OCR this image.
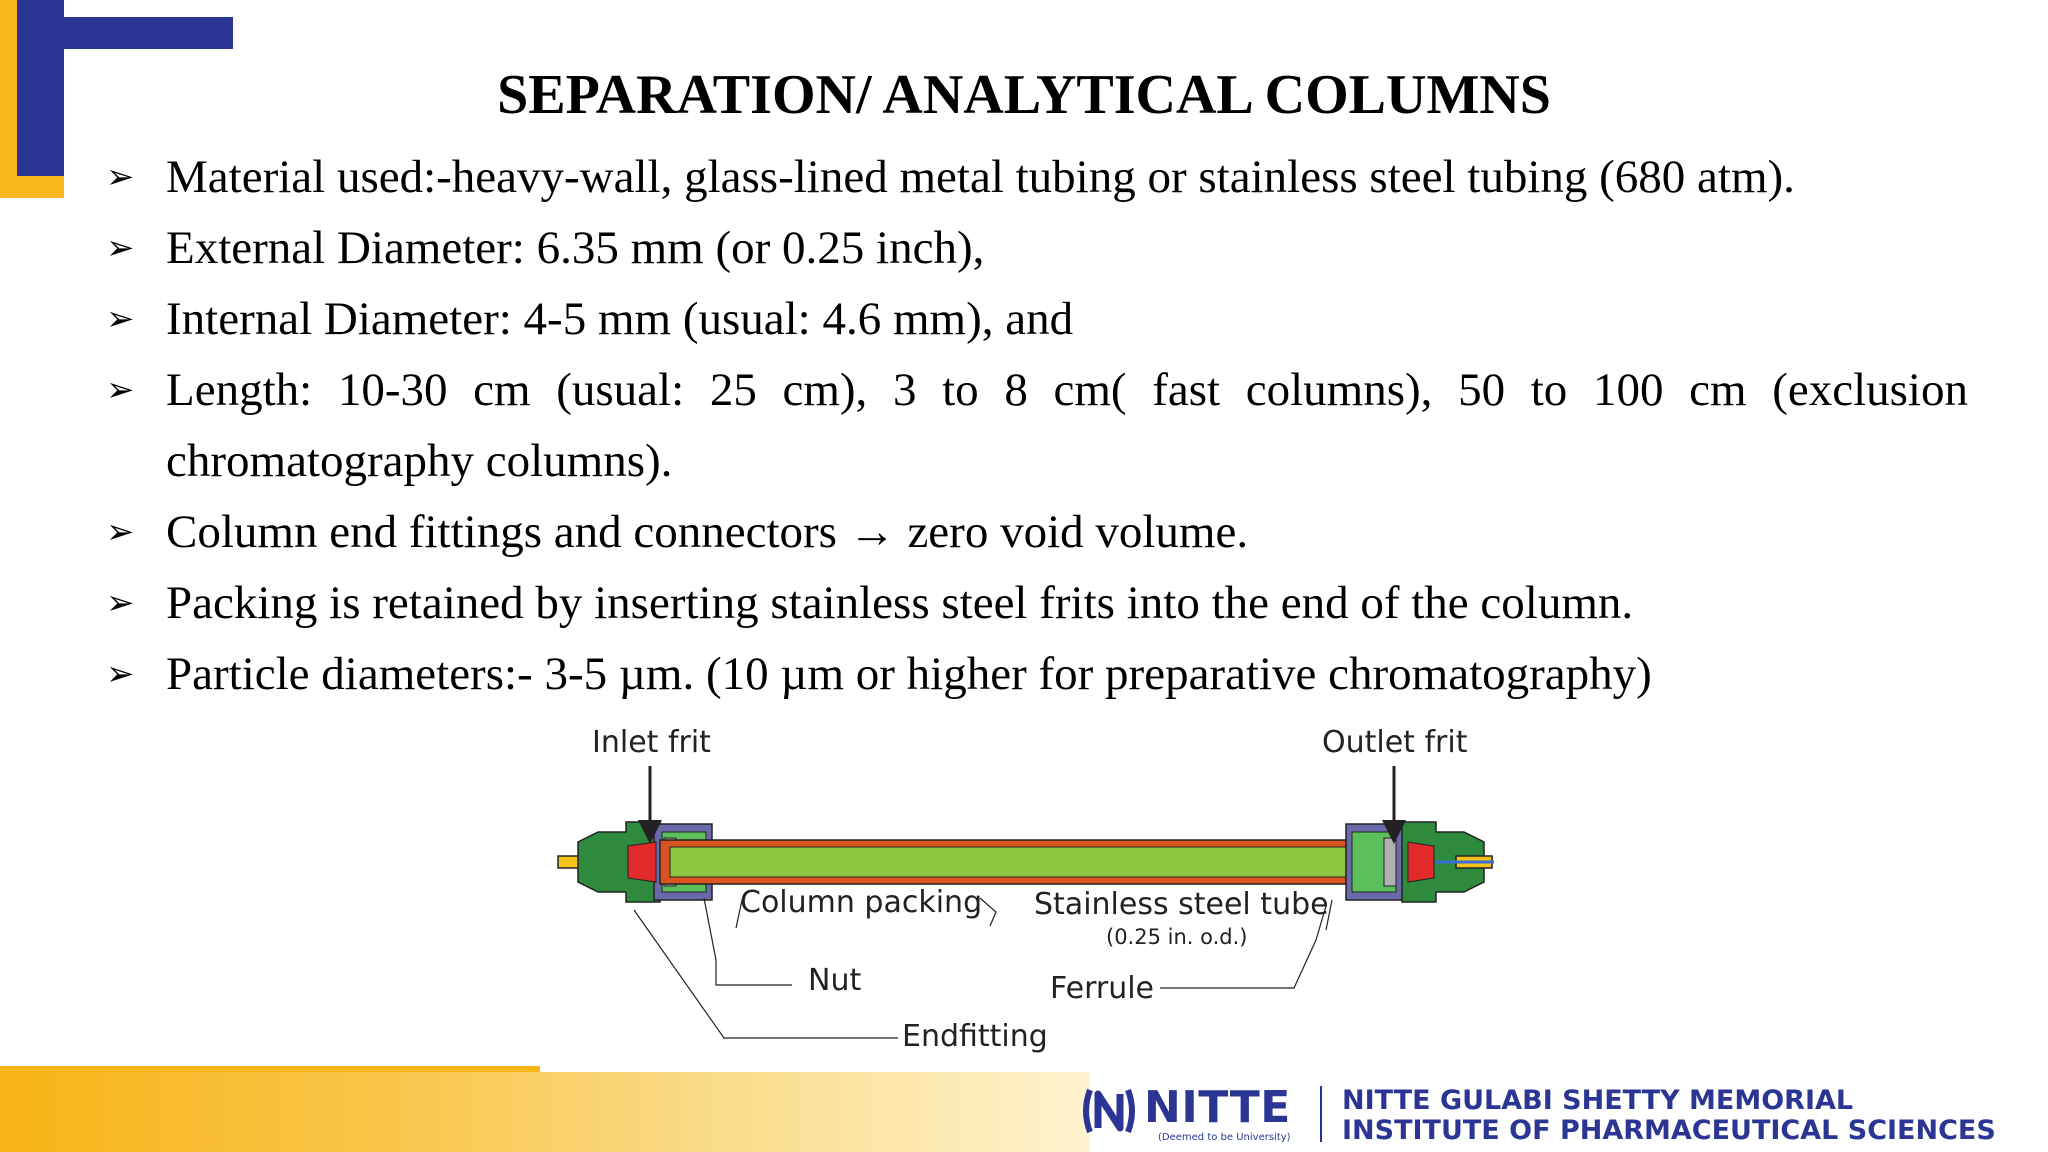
SEPARATION/ ANALYTICAL COLUMNS
➢ Material used:-heavy-wall, glass-lined metal tubing or stainless steel tubing (680 atm).
➢ External Diameter: 6.35 mm (or 0.25 inch),
➢ Internal Diameter: 4-5 mm (usual: 4.6 mm), and
➢ Length: 10-30 cm (usual: 25 cm), 3 to 8 cm( fast columns), 50 to 100 cm (exclusion chromatography columns).
➢ Column end fittings and connectors → zero void volume.
➢ Packing is retained by inserting stainless steel frits into the end of the column.
➢ Particle diameters:- 3-5 µm. (10 µm or higher for preparative chromatography)
Inlet frit	Outlet frit
Column packing Stainless steel tube
(0.25 in. o.d.)
Nut	Ferrule
Endfitting
NITTE
(Deemed to be University)
NITTE GULABI SHETTY MEMORIAL
INSTITUTE OF PHARMACEUTICAL SCIENCES
